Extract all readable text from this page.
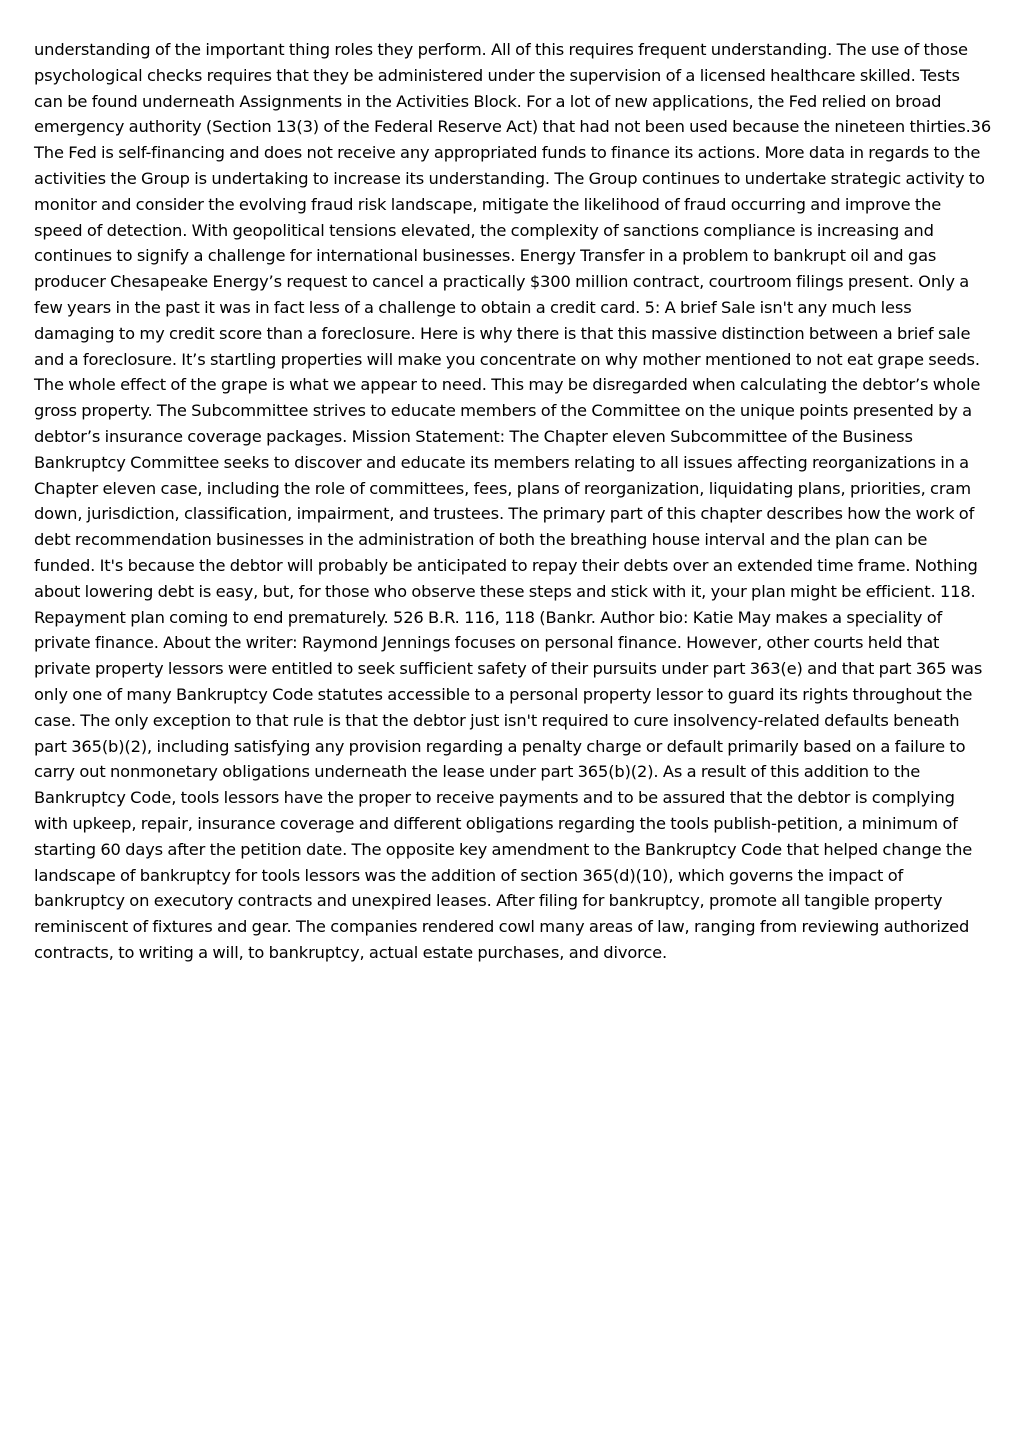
understanding of the important thing roles they perform. All of this requires frequent understanding. The use of those psychological checks requires that they be administered under the supervision of a licensed healthcare skilled. Tests can be found underneath Assignments in the Activities Block. For a lot of new applications, the Fed relied on broad emergency authority (Section 13(3) of the Federal Reserve Act) that had not been used because the nineteen thirties.36 The Fed is self-financing and does not receive any appropriated funds to finance its actions. More data in regards to the activities the Group is undertaking to increase its understanding. The Group continues to undertake strategic activity to monitor and consider the evolving fraud risk landscape, mitigate the likelihood of fraud occurring and improve the speed of detection. With geopolitical tensions elevated, the complexity of sanctions compliance is increasing and continues to signify a challenge for international businesses. Energy Transfer in a problem to bankrupt oil and gas producer Chesapeake Energy’s request to cancel a practically $300 million contract, courtroom filings present. Only a few years in the past it was in fact less of a challenge to obtain a credit card. 5: A brief Sale isn't any much less damaging to my credit score than a foreclosure. Here is why there is that this massive distinction between a brief sale and a foreclosure. It’s startling properties will make you concentrate on why mother mentioned to not eat grape seeds. The whole effect of the grape is what we appear to need. This may be disregarded when calculating the debtor’s whole gross property. The Subcommittee strives to educate members of the Committee on the unique points presented by a debtor’s insurance coverage packages. Mission Statement: The Chapter eleven Subcommittee of the Business Bankruptcy Committee seeks to discover and educate its members relating to all issues affecting reorganizations in a Chapter eleven case, including the role of committees, fees, plans of reorganization, liquidating plans, priorities, cram down, jurisdiction, classification, impairment, and trustees. The primary part of this chapter describes how the work of debt recommendation businesses in the administration of both the breathing house interval and the plan can be funded. It's because the debtor will probably be anticipated to repay their debts over an extended time frame. Nothing about lowering debt is easy, but, for those who observe these steps and stick with it, your plan might be efficient. 118. Repayment plan coming to end prematurely. 526 B.R. 116, 118 (Bankr. Author bio: Katie May makes a speciality of private finance. About the writer: Raymond Jennings focuses on personal finance. However, other courts held that private property lessors were entitled to seek sufficient safety of their pursuits under part 363(e) and that part 365 was only one of many Bankruptcy Code statutes accessible to a personal property lessor to guard its rights throughout the case. The only exception to that rule is that the debtor just isn't required to cure insolvency-related defaults beneath part 365(b)(2), including satisfying any provision regarding a penalty charge or default primarily based on a failure to carry out nonmonetary obligations underneath the lease under part 365(b)(2). As a result of this addition to the Bankruptcy Code, tools lessors have the proper to receive payments and to be assured that the debtor is complying with upkeep, repair, insurance coverage and different obligations regarding the tools publish-petition, a minimum of starting 60 days after the petition date. The opposite key amendment to the Bankruptcy Code that helped change the landscape of bankruptcy for tools lessors was the addition of section 365(d)(10), which governs the impact of bankruptcy on executory contracts and unexpired leases. After filing for bankruptcy, promote all tangible property reminiscent of fixtures and gear. The companies rendered cowl many areas of law, ranging from reviewing authorized contracts, to writing a will, to bankruptcy, actual estate purchases, and divorce.
